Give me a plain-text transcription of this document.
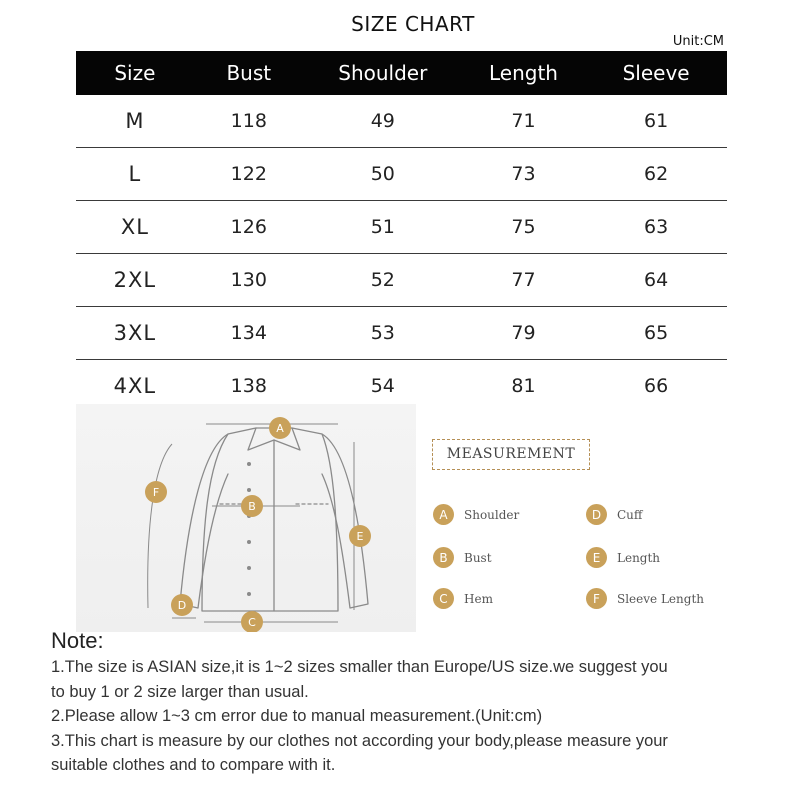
SIZE CHART
Unit:CM
Size	Bust	Shoulder	Length	Sleeve
M	118	49	71	61
L	122	50	73	62
XL	126	51	75	63
2XL	130	52	77	64
3XL	134	53	79	65
4XL	138	54	81	66
A
B
C
D
E
F
MEASUREMENT
A	Shoulder
B	Bust
C	Hem
D	Cuff
E	Length
F	Sleeve Length
Note:
1.The size is ASIAN size,it is 1~2 sizes smaller than Europe/US size.we suggest you
to buy 1 or 2 size larger than usual.
2.Please allow 1~3 cm error due to manual measurement.(Unit:cm)
3.This chart is measure by our clothes not according your body,please measure your
suitable clothes and to compare with it.
